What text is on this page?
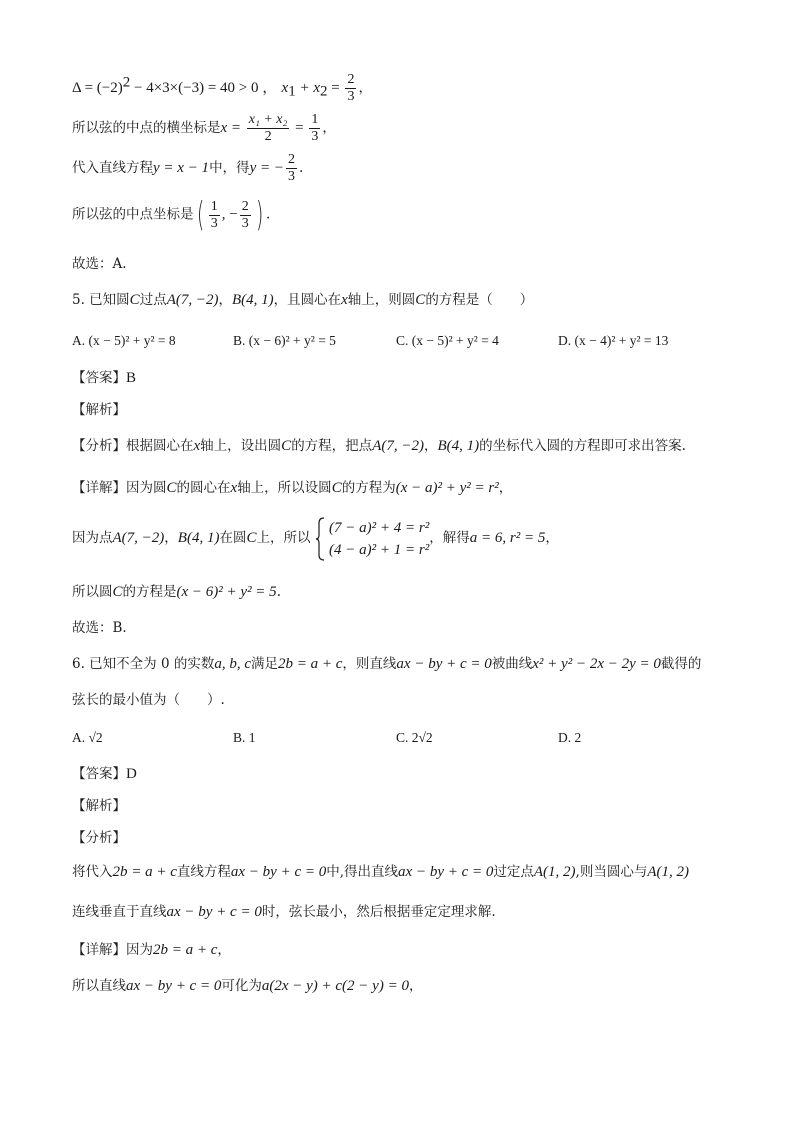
$\Delta = (-2)^2 - 4\times 3\times(-3) = 40 > 0$ ， $x_1 + x_2 = \frac{2}{3}$ ，
所以弦的中点的横坐标是$x = \frac{\text{x₁ + x₂}}{2} = \frac{1}{3}$ ，
代入直线方程y = x − 1中，得y = − $\frac{2}{3}$ .
所以弦的中点坐标是( $\frac{1}{3}$ , − $\frac{2}{3}$ ) .
故选：A.
5. 已知圆C过点A(7, −2)，B(4, 1)，且圆心在x轴上，则圆C的方程是（　　）
A. (x − 5)² + y² = 8	B. (x − 6)² + y² = 5	C. (x − 5)² + y² = 4	D. (x − 4)² + y² = 13
【答案】B
【解析】
【分析】根据圆心在x轴上，设出圆C的方程，把点A(7, −2)，B(4, 1)的坐标代入圆的方程即可求出答案.
【详解】因为圆C的圆心在x轴上，所以设圆C的方程为(x − a)² + y² = r²，
因为点A(7, −2)，B(4, 1)在圆C上，所以
(7 − a)² + 4 = r²
(4 − a)² + 1 = r²
，解得a = 6, r² = 5，
所以圆C的方程是(x − 6)² + y² = 5.
故选：B.
6. 已知不全为 0 的实数a, b, c满足2b = a + c，则直线ax − by + c = 0被曲线x² + y² − 2x − 2y = 0截得的
弦长的最小值为（　　）.
A. √2	B. 1	C. 2√2	D. 2
【答案】D
【解析】
【分析】
将代入2b = a + c直线方程ax − by + c = 0中,得出直线ax − by + c = 0过定点A(1, 2),则当圆心与A(1, 2)
连线垂直于直线ax − by + c = 0时，弦长最小，然后根据垂定定理求解.
【详解】因为2b = a + c，
所以直线ax − by + c = 0可化为a(2x − y) + c(2 − y) = 0，
